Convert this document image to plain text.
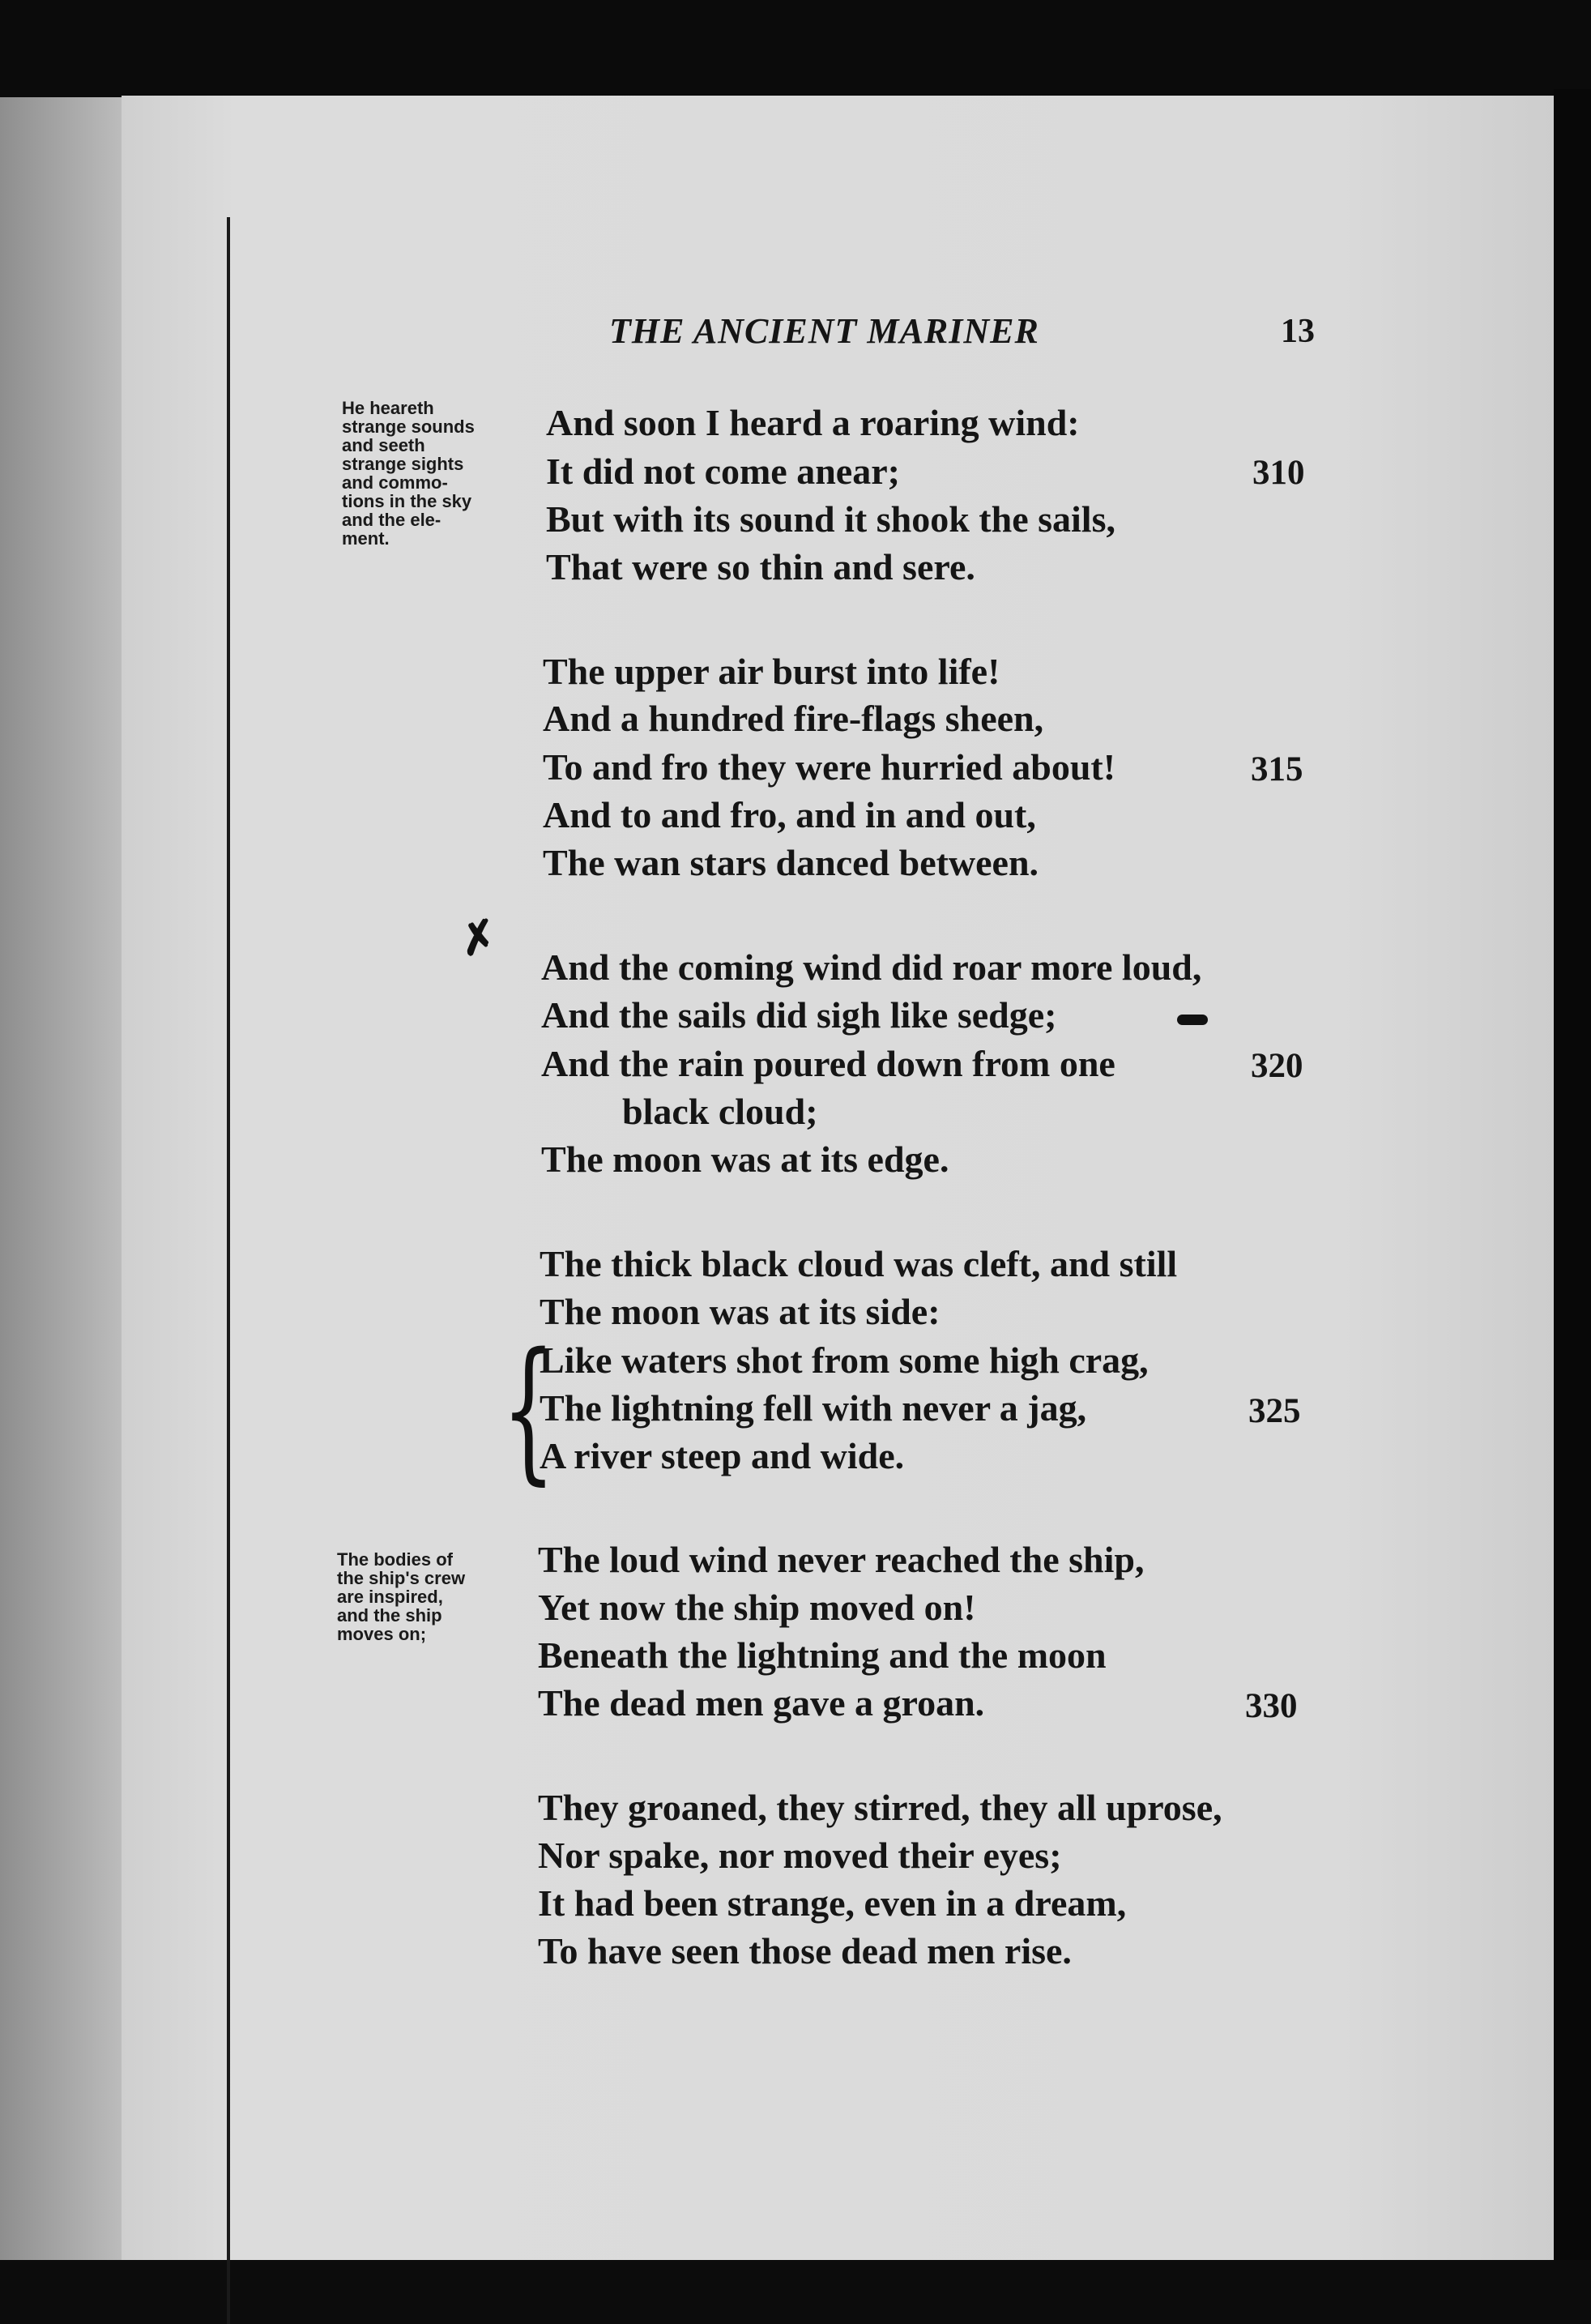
THE ANCIENT MARINER	13
He heareth
strange sounds
and seeth
strange sights
and commo-
tions in the sky
and the ele-
ment.
The bodies of
the ship's crew
are inspired,
and the ship
moves on;
And soon I heard a roaring wind:
It did not come anear;
But with its sound it shook the sails,
That were so thin and sere.
310
The upper air burst into life!
And a hundred fire-flags sheen,
To and fro they were hurried about!
And to and fro, and in and out,
The wan stars danced between.
315
✗
And the coming wind did roar more loud,
And the sails did sigh like sedge;
And the rain poured down from one
black cloud;
The moon was at its edge.
320
The thick black cloud was cleft, and still
The moon was at its side:
{
Like waters shot from some high crag,
The lightning fell with never a jag,
A river steep and wide.
325
The loud wind never reached the ship,
Yet now the ship moved on!
Beneath the lightning and the moon
The dead men gave a groan.	330
They groaned, they stirred, they all uprose,
Nor spake, nor moved their eyes;
It had been strange, even in a dream,
To have seen those dead men rise.
